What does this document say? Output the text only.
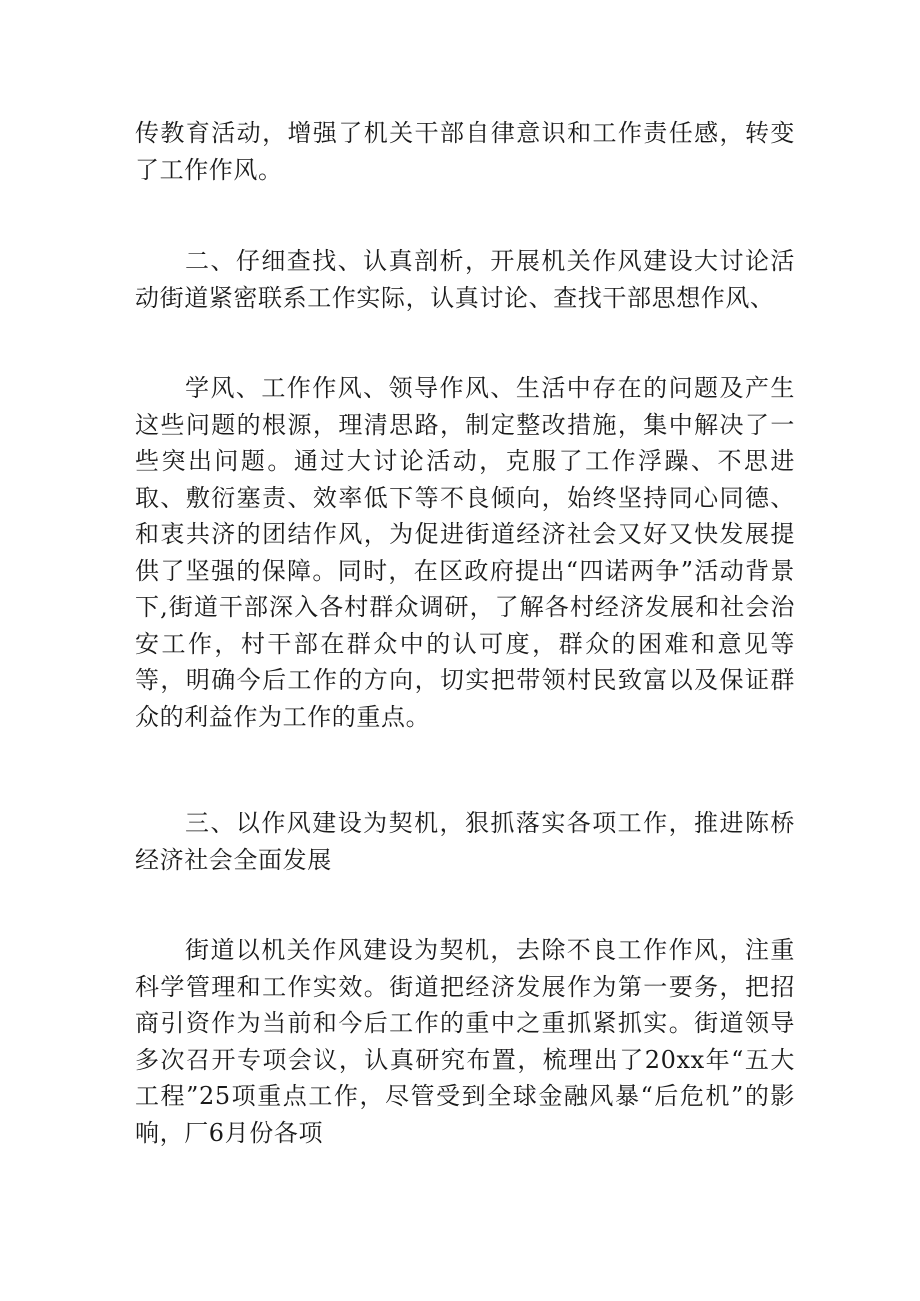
传教育活动，增强了机关干部自律意识和工作责任感，转变了工作作风。

二、仔细查找、认真剖析，开展机关作风建设大讨论活动街道紧密联系工作实际，认真讨论、查找干部思想作风、

学风、工作作风、领导作风、生活中存在的问题及产生这些问题的根源，理清思路，制定整改措施，集中解决了一些突出问题。通过大讨论活动，克服了工作浮躁、不思进取、敷衍塞责、效率低下等不良倾向，始终坚持同心同德、和衷共济的团结作风，为促进街道经济社会又好又快发展提供了坚强的保障。同时，在区政府提出“四诺两争”活动背景下,街道干部深入各村群众调研，了解各村经济发展和社会治安工作，村干部在群众中的认可度，群众的困难和意见等等，明确今后工作的方向，切实把带领村民致富以及保证群众的利益作为工作的重点。

三、以作风建设为契机，狠抓落实各项工作，推进陈桥经济社会全面发展

街道以机关作风建设为契机，去除不良工作作风，注重科学管理和工作实效。街道把经济发展作为第一要务，把招商引资作为当前和今后工作的重中之重抓紧抓实。街道领导多次召开专项会议，认真研究布置，梳理出了20xx年“五大工程”25项重点工作，尽管受到全球金融风暴“后危机”的影响，厂6月份各项
